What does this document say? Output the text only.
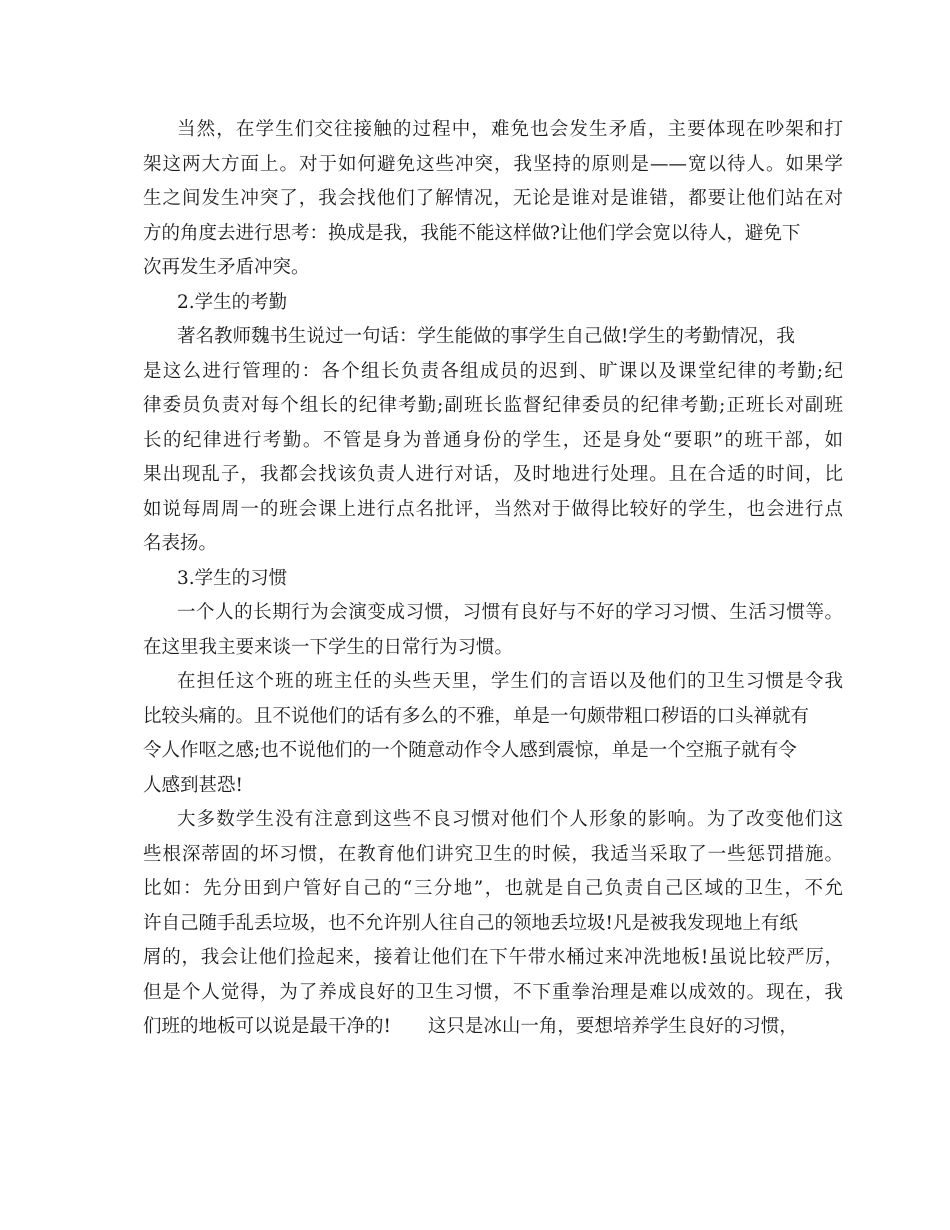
当然，在学生们交往接触的过程中，难免也会发生矛盾，主要体现在吵架和打
架这两大方面上。对于如何避免这些冲突，我坚持的原则是——宽以待人。如果学
生之间发生冲突了，我会找他们了解情况，无论是谁对是谁错，都要让他们站在对
方的角度去进行思考：换成是我，我能不能这样做?让他们学会宽以待人，避免下
次再发生矛盾冲突。
2.学生的考勤
著名教师魏书生说过一句话：学生能做的事学生自己做!学生的考勤情况，我
是这么进行管理的：各个组长负责各组成员的迟到、旷课以及课堂纪律的考勤;纪
律委员负责对每个组长的纪律考勤;副班长监督纪律委员的纪律考勤;正班长对副班
长的纪律进行考勤。不管是身为普通身份的学生，还是身处“要职”的班干部，如
果出现乱子，我都会找该负责人进行对话，及时地进行处理。且在合适的时间，比
如说每周周一的班会课上进行点名批评，当然对于做得比较好的学生，也会进行点
名表扬。
3.学生的习惯
一个人的长期行为会演变成习惯，习惯有良好与不好的学习习惯、生活习惯等。
在这里我主要来谈一下学生的日常行为习惯。
在担任这个班的班主任的头些天里，学生们的言语以及他们的卫生习惯是令我
比较头痛的。且不说他们的话有多么的不雅，单是一句颇带粗口秽语的口头禅就有
令人作呕之感;也不说他们的一个随意动作令人感到震惊，单是一个空瓶子就有令
人感到甚恐!
大多数学生没有注意到这些不良习惯对他们个人形象的影响。为了改变他们这
些根深蒂固的坏习惯，在教育他们讲究卫生的时候，我适当采取了一些惩罚措施。
比如：先分田到户管好自己的“三分地”，也就是自己负责自己区域的卫生，不允
许自己随手乱丢垃圾，也不允许别人往自己的领地丢垃圾!凡是被我发现地上有纸
屑的，我会让他们捡起来，接着让他们在下午带水桶过来冲洗地板!虽说比较严厉，
但是个人觉得，为了养成良好的卫生习惯，不下重拳治理是难以成效的。现在，我
们班的地板可以说是最干净的!　　这只是冰山一角，要想培养学生良好的习惯，
